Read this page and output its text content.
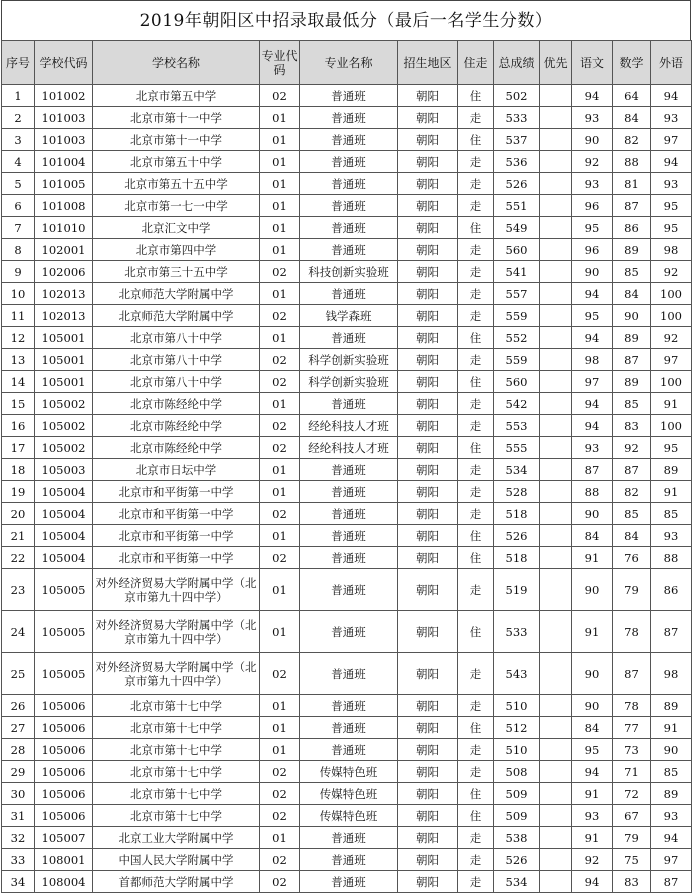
2019年朝阳区中招录取最低分（最后一名学生分数）
序号	学校代码	学校名称	专业代码	专业名称	招生地区	住走	总成绩	优先	语文	数学	外语
1	101002	北京市第五中学	02	普通班	朝阳	住	502		94	64	94
2	101003	北京市第十一中学	01	普通班	朝阳	走	533		93	84	93
3	101003	北京市第十一中学	01	普通班	朝阳	住	537		90	82	97
4	101004	北京市第五十中学	01	普通班	朝阳	走	536		92	88	94
5	101005	北京市第五十五中学	01	普通班	朝阳	走	526		93	81	93
6	101008	北京市第一七一中学	01	普通班	朝阳	走	551		96	87	95
7	101010	北京汇文中学	01	普通班	朝阳	住	549		95	86	95
8	102001	北京市第四中学	01	普通班	朝阳	走	560		96	89	98
9	102006	北京市第三十五中学	02	科技创新实验班	朝阳	走	541		90	85	92
10	102013	北京师范大学附属中学	01	普通班	朝阳	走	557		94	84	100
11	102013	北京师范大学附属中学	02	钱学森班	朝阳	走	559		95	90	100
12	105001	北京市第八十中学	01	普通班	朝阳	住	552		94	89	92
13	105001	北京市第八十中学	02	科学创新实验班	朝阳	走	559		98	87	97
14	105001	北京市第八十中学	02	科学创新实验班	朝阳	住	560		97	89	100
15	105002	北京市陈经纶中学	01	普通班	朝阳	走	542		94	85	91
16	105002	北京市陈经纶中学	02	经纶科技人才班	朝阳	走	553		94	83	100
17	105002	北京市陈经纶中学	02	经纶科技人才班	朝阳	住	555		93	92	95
18	105003	北京市日坛中学	01	普通班	朝阳	走	534		87	87	89
19	105004	北京市和平街第一中学	01	普通班	朝阳	走	528		88	82	91
20	105004	北京市和平街第一中学	02	普通班	朝阳	走	518		90	85	85
21	105004	北京市和平街第一中学	01	普通班	朝阳	住	526		84	84	93
22	105004	北京市和平街第一中学	02	普通班	朝阳	住	518		91	76	88
23	105005	对外经济贸易大学附属中学（北京市第九十四中学）	01	普通班	朝阳	走	519		90	79	86
24	105005	对外经济贸易大学附属中学（北京市第九十四中学）	01	普通班	朝阳	住	533		91	78	87
25	105005	对外经济贸易大学附属中学（北京市第九十四中学）	02	普通班	朝阳	走	543		90	87	98
26	105006	北京市第十七中学	01	普通班	朝阳	走	510		90	78	89
27	105006	北京市第十七中学	01	普通班	朝阳	住	512		84	77	91
28	105006	北京市第十七中学	01	普通班	朝阳	走	510		95	73	90
29	105006	北京市第十七中学	02	传媒特色班	朝阳	走	508		94	71	85
30	105006	北京市第十七中学	02	传媒特色班	朝阳	住	509		91	72	89
31	105006	北京市第十七中学	02	传媒特色班	朝阳	住	509		93	67	93
32	105007	北京工业大学附属中学	01	普通班	朝阳	走	538		91	79	94
33	108001	中国人民大学附属中学	02	普通班	朝阳	走	526		92	75	97
34	108004	首都师范大学附属中学	02	普通班	朝阳	走	534		94	83	87
